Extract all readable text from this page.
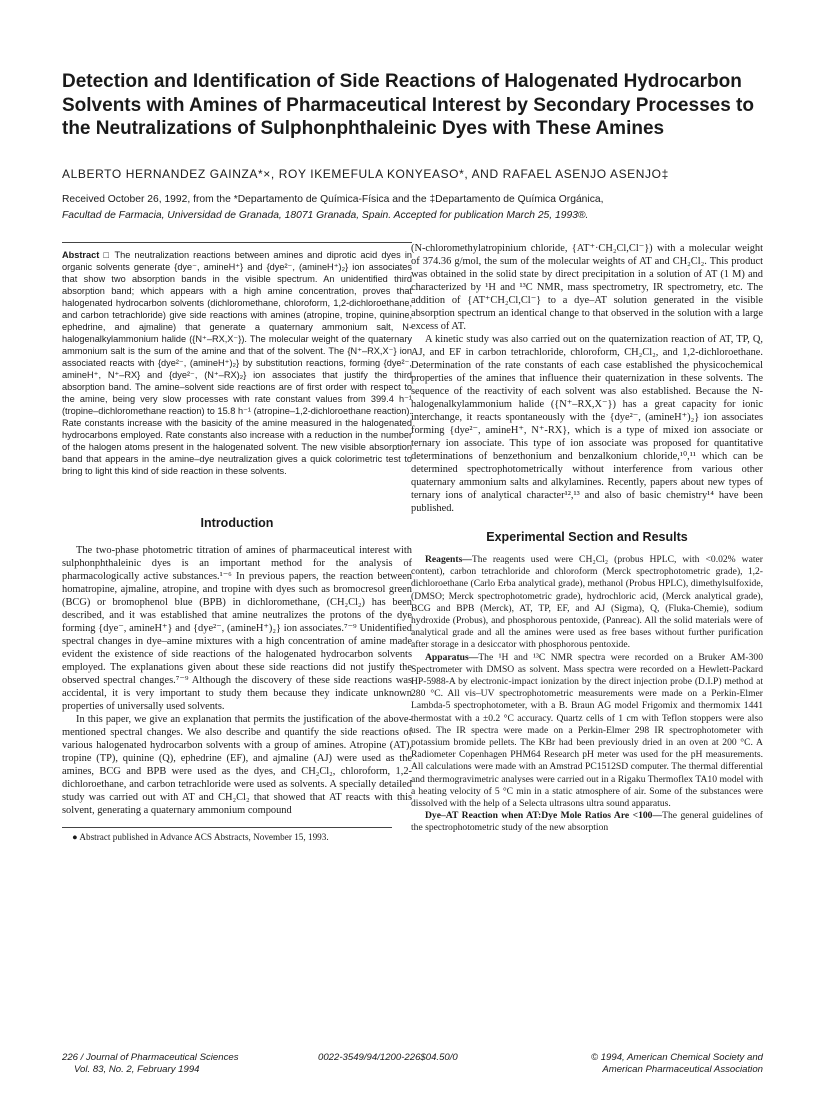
Detection and Identification of Side Reactions of Halogenated Hydrocarbon Solvents with Amines of Pharmaceutical Interest by Secondary Processes to the Neutralizations of Sulphonphthaleinic Dyes with These Amines
ALBERTO HERNANDEZ GAINZA*×, ROY IKEMEFULA KONYEASO*, AND RAFAEL ASENJO ASENJO‡
Received October 26, 1992, from the *Departamento de Química-Física and the ‡Departamento de Química Orgánica,
Facultad de Farmacia, Universidad de Granada, 18071 Granada, Spain. Accepted for publication March 25, 1993®.

Abstract □ The neutralization reactions between amines and diprotic acid dyes in organic solvents generate {dye⁻, amineH⁺} and {dye²⁻, (amineH⁺)₂} ion associates that show two absorption bands in the visible spectrum. An unidentified third absorption band; which appears with a high amine concentration, proves that halogenated hydrocarbon solvents (dichloromethane, chloroform, 1,2-dichloroethane, and carbon tetrachloride) give side reactions with amines (atropine, tropine, quinine, ephedrine, and ajmaline) that generate a quaternary ammonium salt, N-halogenalkylammonium halide ({N⁺–RX,X⁻}). The molecular weight of the quaternary ammonium salt is the sum of the amine and that of the solvent. The {N⁺–RX,X⁻} ion associated reacts with {dye²⁻, (amineH⁺)₂} by substitution reactions, forming {dye²⁻, amineH⁺, N⁺–RX} and {dye²⁻, (N⁺–RX)₂} ion associates that justify the third absorption band. The amine–solvent side reactions are of first order with respect to the amine, being very slow processes with rate constant values from 399.4 h⁻¹ (tropine–dichloromethane reaction) to 15.8 h⁻¹ (atropine–1,2-dichloroethane reaction). Rate constants increase with the basicity of the amine measured in the halogenated hydrocarbons employed. Rate constants also increase with a reduction in the number of the halogen atoms present in the halogenated solvent. The new visible absorption band that appears in the amine–dye neutralization gives a quick colorimetric test to bring to light this kind of side reaction in these solvents.

Introduction

The two-phase photometric titration of amines of pharmaceutical interest with sulphonphthaleinic dyes is an important method for the analysis of pharmacologically active substances.¹⁻⁶ In previous papers, the reaction between homatropine, ajmaline, atropine, and tropine with dyes such as bromocresol green (BCG) or bromophenol blue (BPB) in dichloromethane, (CH₂Cl₂) has been described, and it was established that amine neutralizes the protons of the dye forming {dye⁻, amineH⁺} and {dye²⁻, (amineH⁺)₂} ion associates.⁷⁻⁹ Unidentified spectral changes in dye–amine mixtures with a high concentration of amine made evident the existence of side reactions of the halogenated hydrocarbon solvents employed. The explanations given about these side reactions did not justify the observed spectral changes.⁷⁻⁹ Although the discovery of these side reactions was accidental, it is very important to study them because they indicate unknown properties of universally used solvents.

In this paper, we give an explanation that permits the justification of the above-mentioned spectral changes. We also describe and quantify the side reactions of various halogenated hydrocarbon solvents with a group of amines. Atropine (AT), tropine (TP), quinine (Q), ephedrine (EF), and ajmaline (AJ) were used as the amines, BCG and BPB were used as the dyes, and CH₂Cl₂, chloroform, 1,2-dichloroethane, and carbon tetrachloride were used as solvents. A specially detailed study was carried out with AT and CH₂Cl₂ that showed that AT reacts with this solvent, generating a quaternary ammonium compound

● Abstract published in Advance ACS Abstracts, November 15, 1993.

(N-chloromethylatropinium chloride, {AT⁺·CH₂Cl,Cl⁻}) with a molecular weight of 374.36 g/mol, the sum of the molecular weights of AT and CH₂Cl₂. This product was obtained in the solid state by direct precipitation in a solution of AT (1 M) and characterized by ¹H and ¹³C NMR, mass spectrometry, IR spectrometry, etc. The addition of {AT⁺CH₂Cl,Cl⁻} to a dye–AT solution generated in the visible absorption spectrum an identical change to that observed in the solution with a large excess of AT.

A kinetic study was also carried out on the quaternization reaction of AT, TP, Q, AJ, and EF in carbon tetrachloride, chloroform, CH₂Cl₂, and 1,2-dichloroethane. Determination of the rate constants of each case established the physicochemical properties of the amines that influence their quaternization in these solvents. The sequence of the reactivity of each solvent was also established. Because the N-halogenalkylammonium halide ({N⁺–RX,X⁻}) has a great capacity for ionic interchange, it reacts spontaneously with the {dye²⁻, (amineH⁺)₂} ion associates forming {dye²⁻, amineH⁺, N⁺-RX}, which is a type of mixed ion associate or ternary ion associate. This type of ion associate was proposed for quantitative determinations of benzethonium and benzalkonium chloride,¹⁰,¹¹ which can be determined spectrophotometrically without interference from various other quaternary ammonium salts and alkylamines. Recently, papers about new types of ternary ions of analytical character¹²,¹³ and also of basic chemistry¹⁴ have been published.

Experimental Section and Results

Reagents—The reagents used were CH₂Cl₂ (probus HPLC, with <0.02% water content), carbon tetrachloride and chloroform (Merck spectrophotometric grade), 1,2-dichloroethane (Carlo Erba analytical grade), methanol (Probus HPLC), dimethylsulfoxide, (DMSO; Merck spectrophotometric grade), hydrochloric acid, (Merck analytical grade), BCG and BPB (Merck), AT, TP, EF, and AJ (Sigma), Q, (Fluka-Chemie), sodium hydroxide (Probus), and phosphorous pentoxide, (Panreac). All the solid materials were of analytical grade and all the amines were used as free bases without further purification after storage in a desiccator with phosphorous pentoxide.

Apparatus—The ¹H and ¹³C NMR spectra were recorded on a Bruker AM-300 Spectrometer with DMSO as solvent. Mass spectra were recorded on a Hewlett-Packard HP-5988-A by electronic-impact ionization by the direct injection probe (D.I.P) method at 280 °C. All vis–UV spectrophotometric measurements were made on a Perkin-Elmer Lambda-5 spectrophotometer, with a B. Braun AG model Frigomix and thermomix 1441 thermostat with a ±0.2 °C accuracy. Quartz cells of 1 cm with Teflon stoppers were also used. The IR spectra were made on a Perkin-Elmer 298 IR spectrophotometer with potassium bromide pellets. The KBr had been previously dried in an oven at 200 °C. A Radiometer Copenhagen PHM64 Research pH meter was used for the pH measurements. All calculations were made with an Amstrad PC1512SD computer. The thermal differential and thermogravimetric analyses were carried out in a Rigaku Thermoflex TA10 model with a heating velocity of 5 °C min in a static atmosphere of air. Some of the substances were dissolved with the help of a Selecta ultrasons ultra sound apparatus.

Dye–AT Reaction when AT:Dye Mole Ratios Are <100—The general guidelines of the spectrophotometric study of the new absorption

226 / Journal of Pharmaceutical Sciences
Vol. 83, No. 2, February 1994
0022-3549/94/1200-226$04.50/0	© 1994, American Chemical Society and
American Pharmaceutical Association
